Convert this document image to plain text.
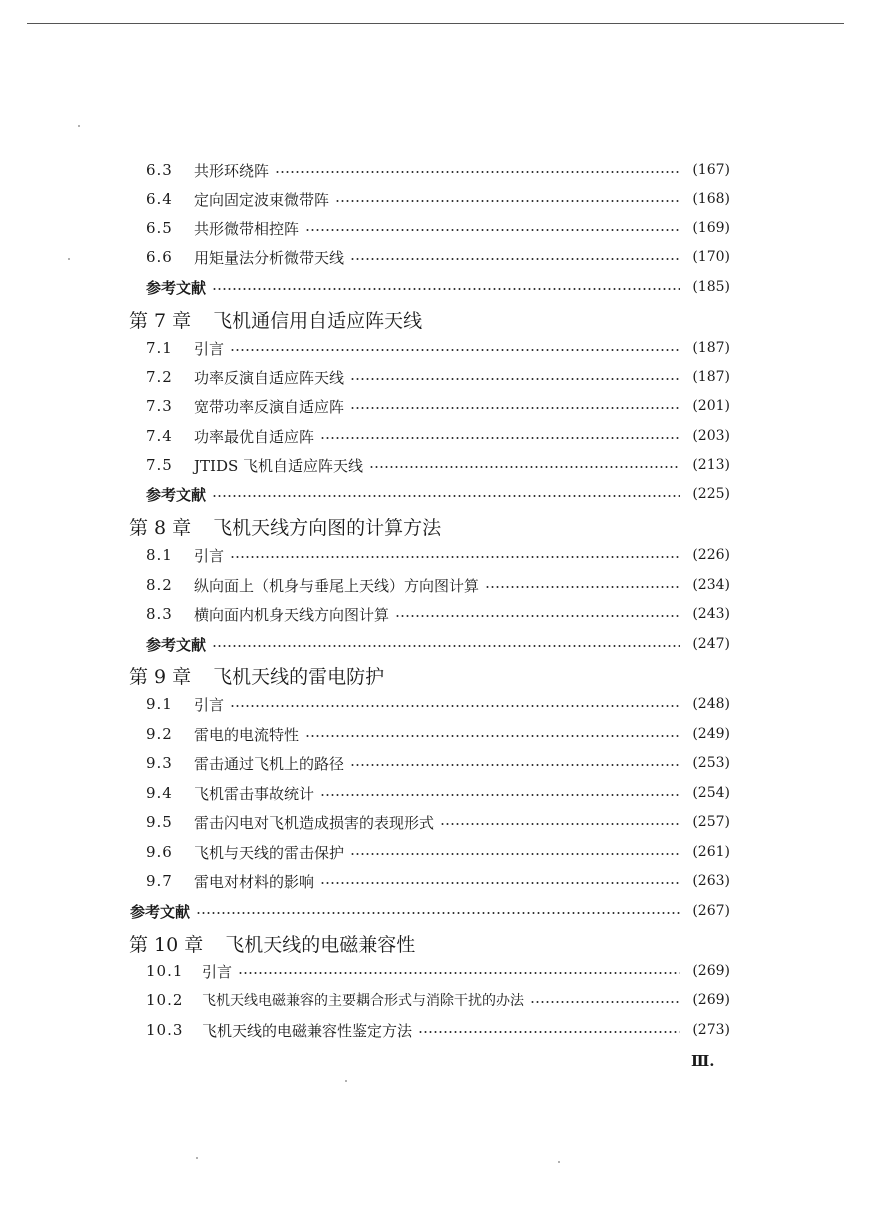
6.3	共形环绕阵	(167)
6.4	定向固定波束微带阵	(168)
6.5	共形微带相控阵	(169)
6.6	用矩量法分析微带天线	(170)
参考文献	(185)
第 7 章 飞机通信用自适应阵天线
7.1	引言	(187)
7.2	功率反演自适应阵天线	(187)
7.3	宽带功率反演自适应阵	(201)
7.4	功率最优自适应阵	(203)
7.5	JTIDS 飞机自适应阵天线	(213)
参考文献	(225)
第 8 章 飞机天线方向图的计算方法
8.1	引言	(226)
8.2	纵向面上（机身与垂尾上天线）方向图计算	(234)
8.3	横向面内机身天线方向图计算	(243)
参考文献	(247)
第 9 章 飞机天线的雷电防护
9.1	引言	(248)
9.2	雷电的电流特性	(249)
9.3	雷击通过飞机上的路径	(253)
9.4	飞机雷击事故统计	(254)
9.5	雷击闪电对飞机造成损害的表现形式	(257)
9.6	飞机与天线的雷击保护	(261)
9.7	雷电对材料的影响	(263)
参考文献	(267)
第 10 章 飞机天线的电磁兼容性
10.1	引言	(269)
10.2	飞机天线电磁兼容的主要耦合形式与消除干扰的办法	(269)
10.3	飞机天线的电磁兼容性鉴定方法	(273)
Ⅲ.
